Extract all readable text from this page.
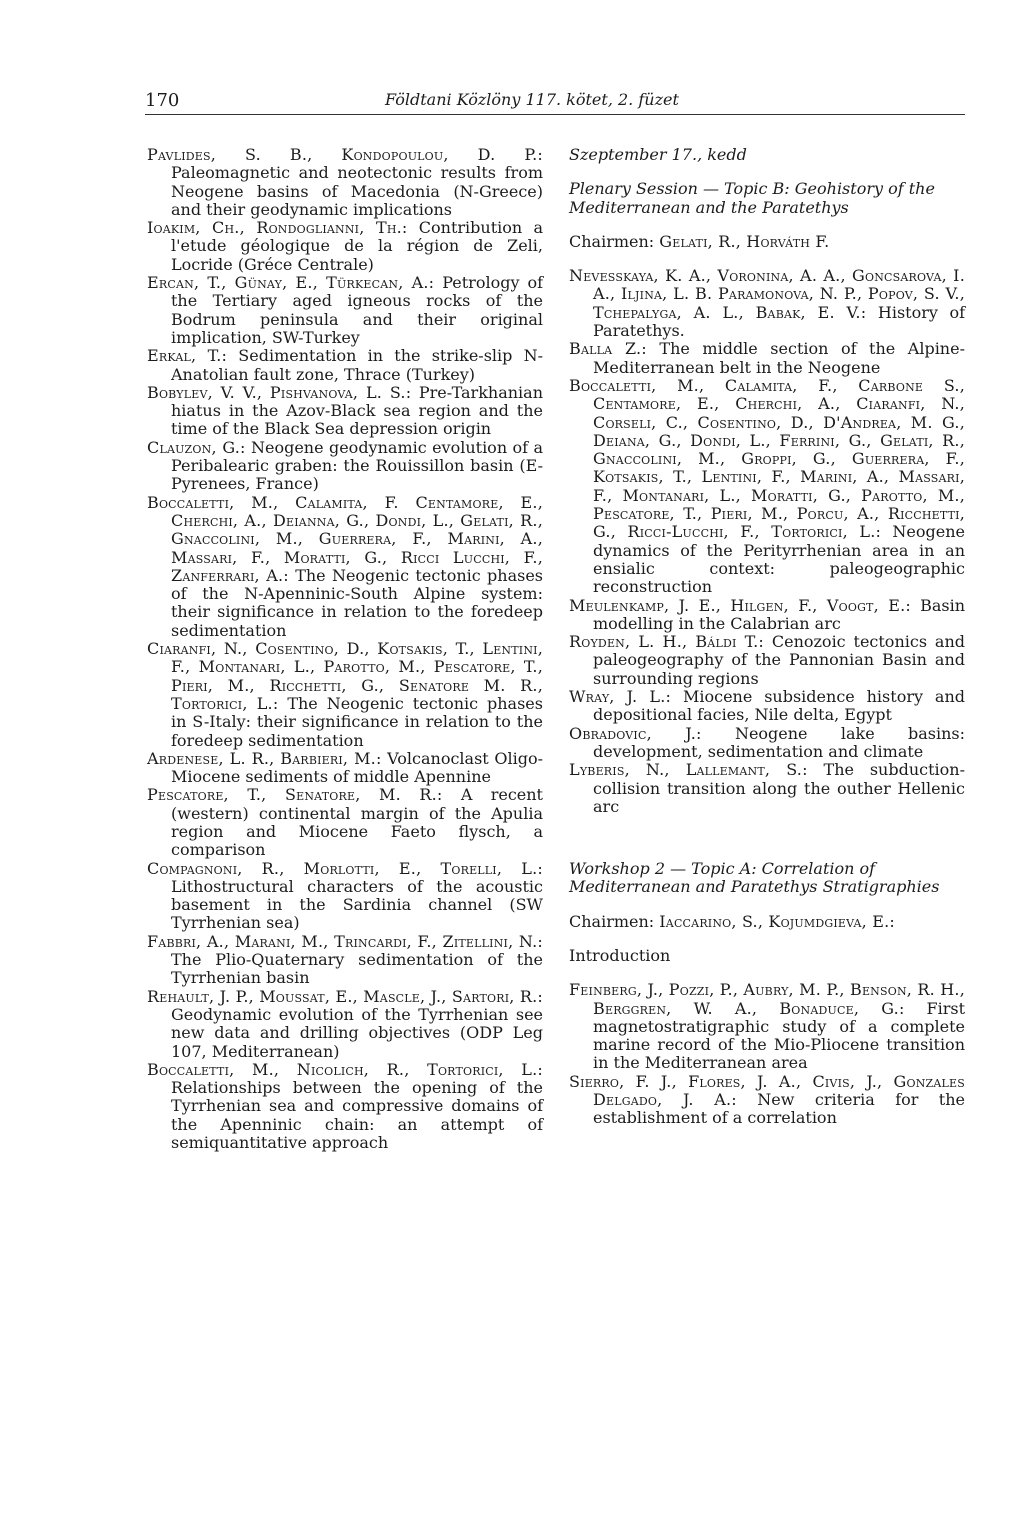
170	Földtani Közlöny 117. kötet, 2. füzet

Pavlides, S. B., Kondopoulou, D. P.: Paleomagnetic and neotectonic results from Neogene basins of Macedonia (N-Greece) and their geodynamic implications

Ioakim, Ch., Rondoglianni, Th.: Contribution a l'etude géologique de la région de Zeli, Locride (Gréce Centrale)

Ercan, T., Günay, E., Türkecan, A.: Petrology of the Tertiary aged igneous rocks of the Bodrum peninsula and their original implication, SW-Turkey

Erkal, T.: Sedimentation in the strike-slip N-Anatolian fault zone, Thrace (Turkey)

Bobylev, V. V., Pishvanova, L. S.: Pre-Tarkhanian hiatus in the Azov-Black sea region and the time of the Black Sea depression origin

Clauzon, G.: Neogene geodynamic evolution of a Peribalearic graben: the Rouissillon basin (E-Pyrenees, France)

Boccaletti, M., Calamita, F. Centamore, E., Cherchi, A., Deianna, G., Dondi, L., Gelati, R., Gnaccolini, M., Guerrera, F., Marini, A., Massari, F., Moratti, G., Ricci Lucchi, F., Zanferrari, A.: The Neogenic tectonic phases of the N-Apenninic-South Alpine system: their significance in relation to the foredeep sedimentation

Ciaranfi, N., Cosentino, D., Kotsakis, T., Lentini, F., Montanari, L., Parotto, M., Pescatore, T., Pieri, M., Ricchetti, G., Senatore M. R., Tortorici, L.: The Neogenic tectonic phases in S-Italy: their significance in relation to the foredeep sedimentation

Ardenese, L. R., Barbieri, M.: Volcanoclast Oligo-Miocene sediments of middle Apennine

Pescatore, T., Senatore, M. R.: A recent (western) continental margin of the Apulia region and Miocene Faeto flysch, a comparison

Compagnoni, R., Morlotti, E., Torelli, L.: Lithostructural characters of the acoustic basement in the Sardinia channel (SW Tyrrhenian sea)

Fabbri, A., Marani, M., Trincardi, F., Zitellini, N.: The Plio-Quaternary sedimentation of the Tyrrhenian basin

Rehault, J. P., Moussat, E., Mascle, J., Sartori, R.: Geodynamic evolution of the Tyrrhenian see new data and drilling objectives (ODP Leg 107, Mediterranean)

Boccaletti, M., Nicolich, R., Tortorici, L.: Relationships between the opening of the Tyrrhenian sea and compressive domains of the Apenninic chain: an attempt of semiquantitative approach

Szeptember 17., kedd

Plenary Session — Topic B: Geohistory of the Mediterranean and the Paratethys

Chairmen: Gelati, R., Horváth F.

Nevesskaya, K. A., Voronina, A. A., Goncsarova, I. A., Iljina, L. B. Paramonova, N. P., Popov, S. V., Tchepalyga, A. L., Babak, E. V.: History of Paratethys.

Balla Z.: The middle section of the Alpine-Mediterranean belt in the Neogene

Boccaletti, M., Calamita, F., Carbone S., Centamore, E., Cherchi, A., Ciaranfi, N., Corseli, C., Cosentino, D., D'Andrea, M. G., Deiana, G., Dondi, L., Ferrini, G., Gelati, R., Gnaccolini, M., Groppi, G., Guerrera, F., Kotsakis, T., Lentini, F., Marini, A., Massari, F., Montanari, L., Moratti, G., Parotto, M., Pescatore, T., Pieri, M., Porcu, A., Ricchetti, G., Ricci-Lucchi, F., Tortorici, L.: Neogene dynamics of the Perityrrhenian area in an ensialic context: paleogeographic reconstruction

Meulenkamp, J. E., Hilgen, F., Voogt, E.: Basin modelling in the Calabrian arc

Royden, L. H., Báldi T.: Cenozoic tectonics and paleogeography of the Pannonian Basin and surrounding regions

Wray, J. L.: Miocene subsidence history and depositional facies, Nile delta, Egypt

Obradovic, J.: Neogene lake basins: development, sedimentation and climate

Lyberis, N., Lallemant, S.: The subduction-collision transition along the outher Hellenic arc

Workshop 2 — Topic A: Correlation of Mediterranean and Paratethys Stratigraphies

Chairmen: Iaccarino, S., Kojumdgieva, E.:

Introduction

Feinberg, J., Pozzi, P., Aubry, M. P., Benson, R. H., Berggren, W. A., Bonaduce, G.: First magnetostratigraphic study of a complete marine record of the Mio-Pliocene transition in the Mediterranean area

Sierro, F. J., Flores, J. A., Civis, J., Gonzales Delgado, J. A.: New criteria for the establishment of a correlation
